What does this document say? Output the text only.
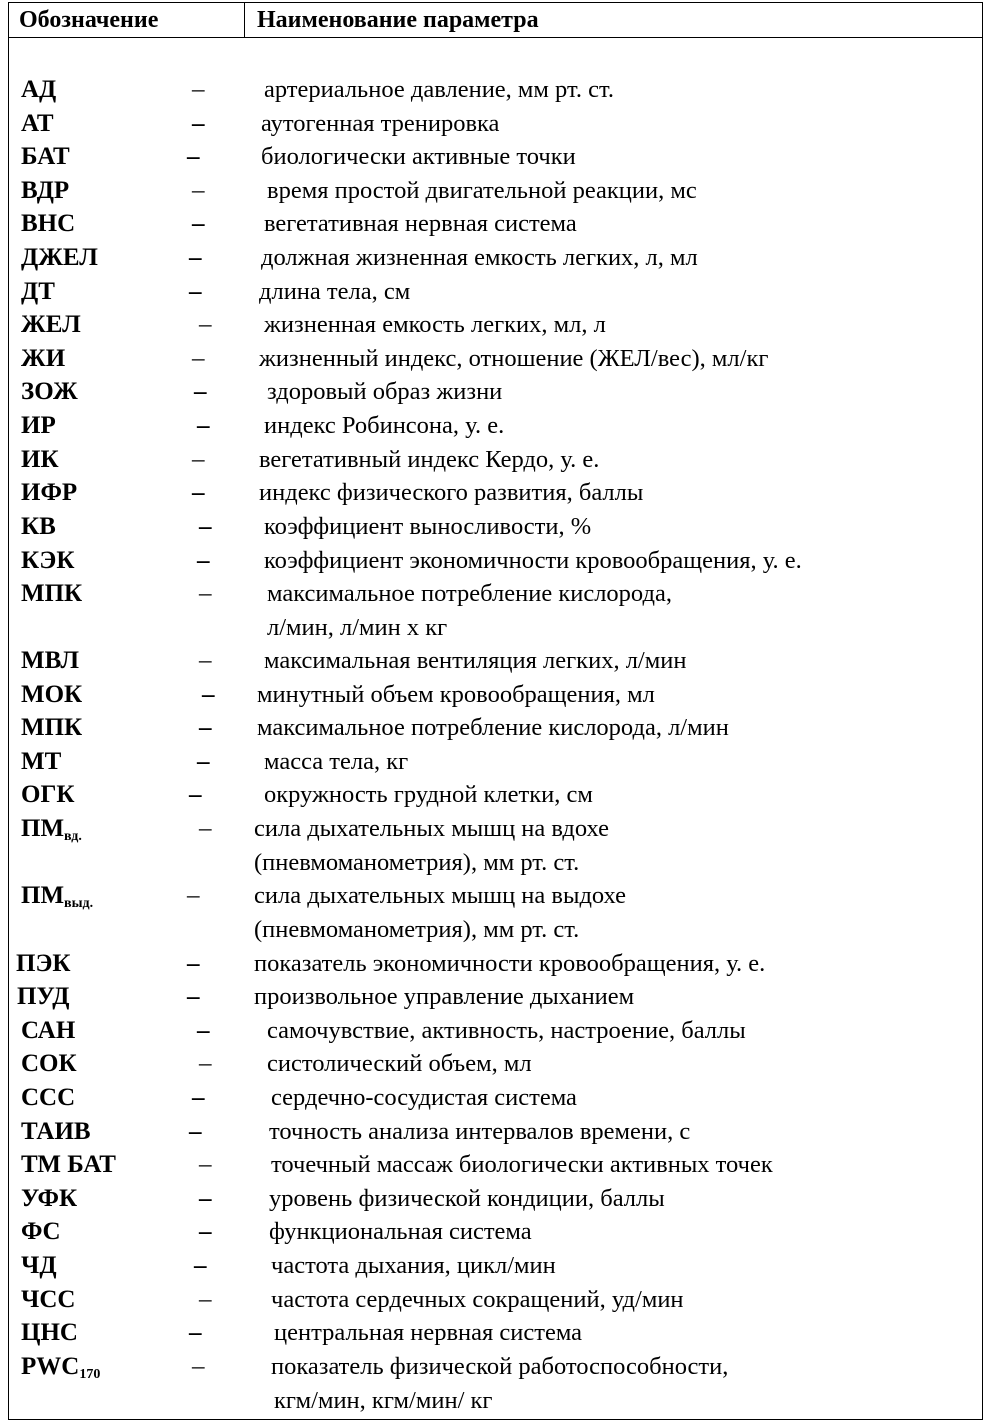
Обозначение	Наименование параметра
АД	– артериальное давление, мм рт. ст.
АТ	– аутогенная тренировка
БАТ	–	биологически активные точки
ВДР	–	время простой двигательной реакции, мс
ВНС	– вегетативная нервная система
ДЖЕЛ	– должная жизненная емкость легких, л, мл
ДТ	– длина тела, см
ЖЕЛ	– жизненная емкость легких, мл, л
ЖИ	– жизненный индекс, отношение (ЖЕЛ/вес), мл/кг
ЗОЖ	– здоровый образ жизни
ИР	– индекс Робинсона, у. е.
ИК	– вегетативный индекс Кердо, у. е.
ИФР	– индекс физического развития, баллы
КВ	– коэффициент выносливости, %
КЭК	– коэффициент экономичности кровообращения, у. е.
МПК	– максимальное потребление кислорода,
л/мин, л/мин х кг
МВЛ	– максимальная вентиляция легких, л/мин
МОК	– минутный объем кровообращения, мл
МПК	– максимальное потребление кислорода, л/мин
МТ	– масса тела, кг
ОГК	–	окружность грудной клетки, см
$ПМ_{вд.}$	– сила дыхательных мышц на вдохе
(пневмоманометрия), мм рт. ст.
$ПМ_{выд.}$	– сила дыхательных мышц на выдохе
(пневмоманометрия), мм рт. ст.
ПЭК	– показатель экономичности кровообращения, у. е.
ПУД	– произвольное управление дыханием
САН	– самочувствие, активность, настроение, баллы
СОК	– систолический объем, мл
ССС	–	сердечно-сосудистая система
ТАИВ	–	точность анализа интервалов времени, с
ТМ БАТ	– точечный массаж биологически активных точек
УФК	– уровень физической кондиции, баллы
ФС	– функциональная система
ЧД	–	частота дыхания, цикл/мин
ЧСС	– частота сердечных сокращений, уд/мин
ЦНС	–	центральная нервная система
$PWC_{170}$	–	показатель физической работоспособности,
кгм/мин, кгм/мин/ кг
